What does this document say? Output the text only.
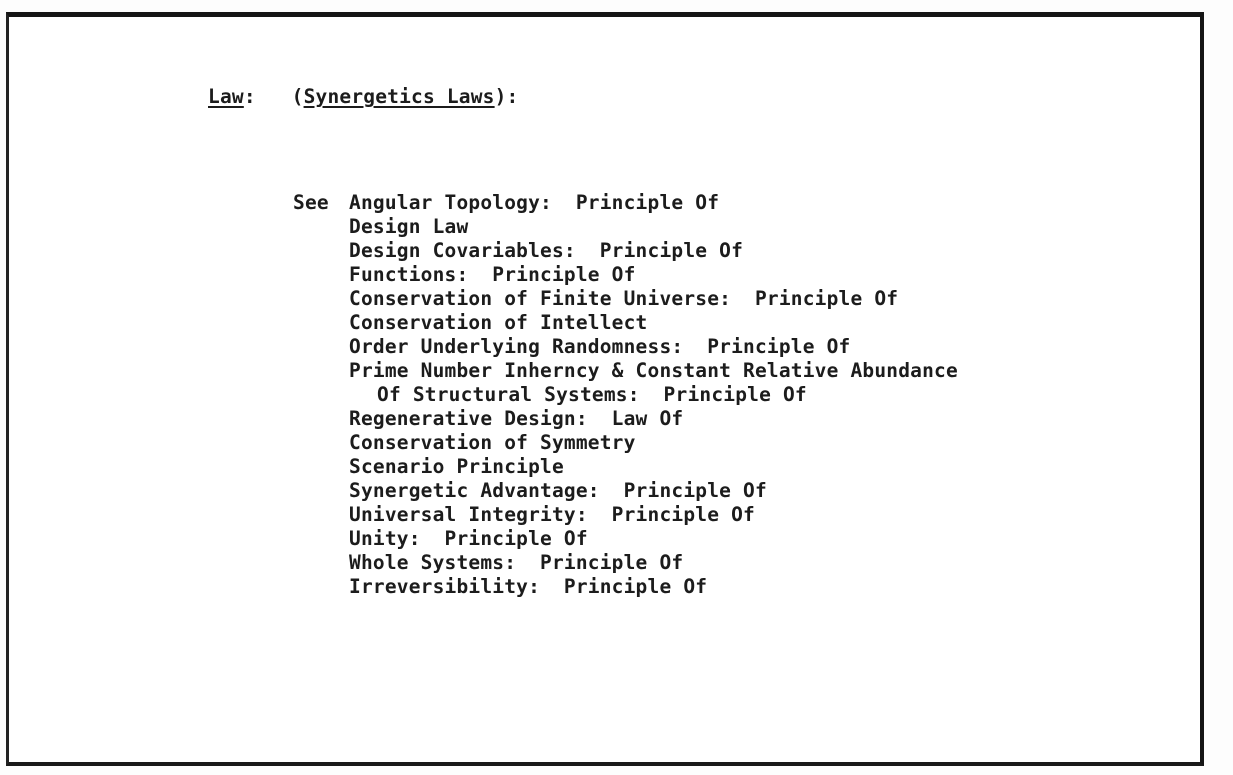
Law:   (Synergetics Laws):
See Angular Topology:  Principle Of
Design Law
Design Covariables:  Principle Of
Functions:  Principle Of
Conservation of Finite Universe:  Principle Of
Conservation of Intellect
Order Underlying Randomness:  Principle Of
Prime Number Inherncy & Constant Relative Abundance
Of Structural Systems:  Principle Of
Regenerative Design:  Law Of
Conservation of Symmetry
Scenario Principle
Synergetic Advantage:  Principle Of
Universal Integrity:  Principle Of
Unity:  Principle Of
Whole Systems:  Principle Of
Irreversibility:  Principle Of
